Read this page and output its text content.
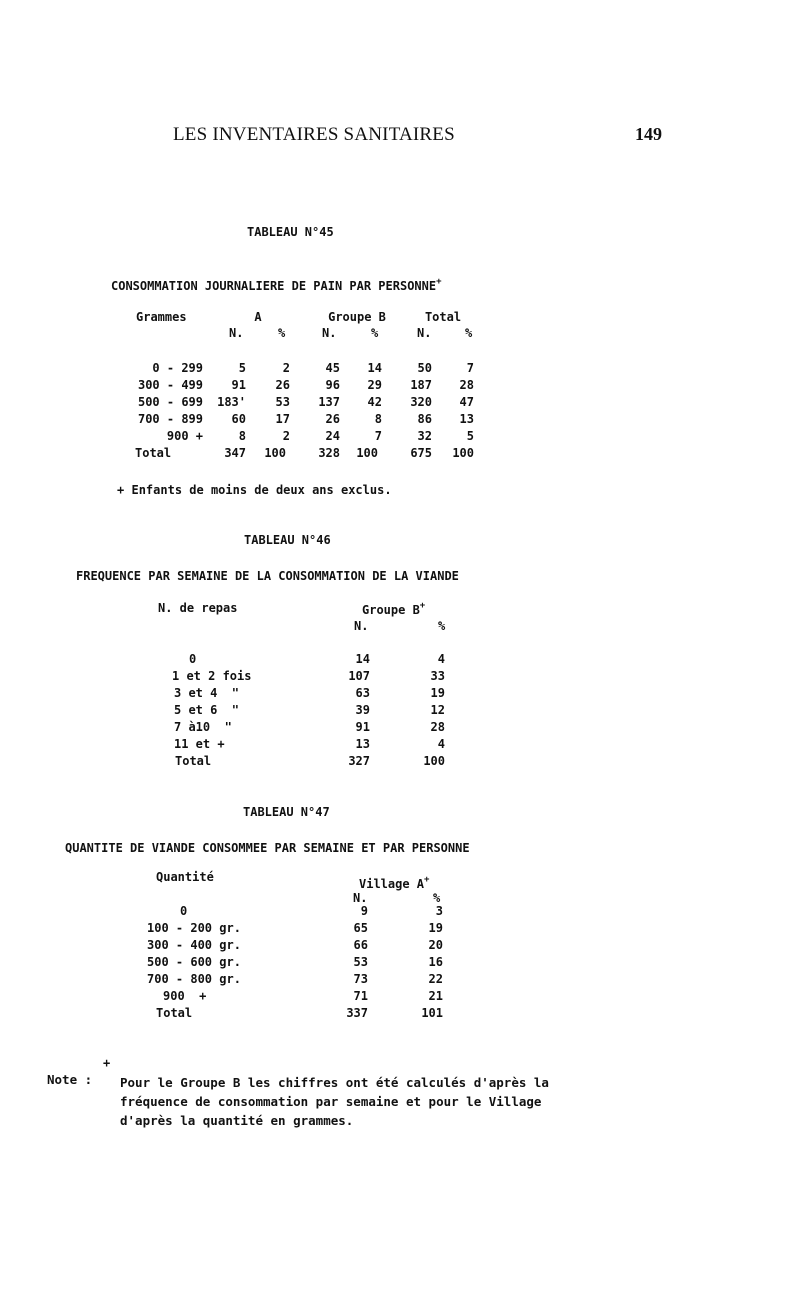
LES INVENTAIRES SANITAIRES	149
TABLEAU N°45
CONSOMMATION JOURNALIERE DE PAIN PAR PERSONNE+
Grammes	A	Groupe B	Total
N.	%	N.	%	N.	%
0 - 299	5	2	45	14	50	7
300 - 499	91	26	96	29	187	28
500 - 699	183'	53	137	42	320	47
700 - 899	60	17	26	8	86	13
900 +	8	2	24	7	32	5
Total	347	100	328	100	675	100
+ Enfants de moins de deux ans exclus.
TABLEAU N°46
FREQUENCE PAR SEMAINE DE LA CONSOMMATION DE LA VIANDE
N. de repas	Groupe B+
N.	%
0	14	4
1 et 2 fois	107	33
3 et 4  "	63	19
5 et 6  "	39	12
7 à10  "	91	28
11 et +	13	4
Total	327	100
TABLEAU N°47
QUANTITE DE VIANDE CONSOMMEE PAR SEMAINE ET PAR PERSONNE
Quantité	Village A+
N.	%
0	9	3
100 - 200 gr.	65	19
300 - 400 gr.	66	20
500 - 600 gr.	53	16
700 - 800 gr.	73	22
900  +	71	21
Total	337	101
+
Note : Pour le Groupe B les chiffres ont été calculés d'après la
fréquence de consommation par semaine et pour le Village
d'après la quantité en grammes.
